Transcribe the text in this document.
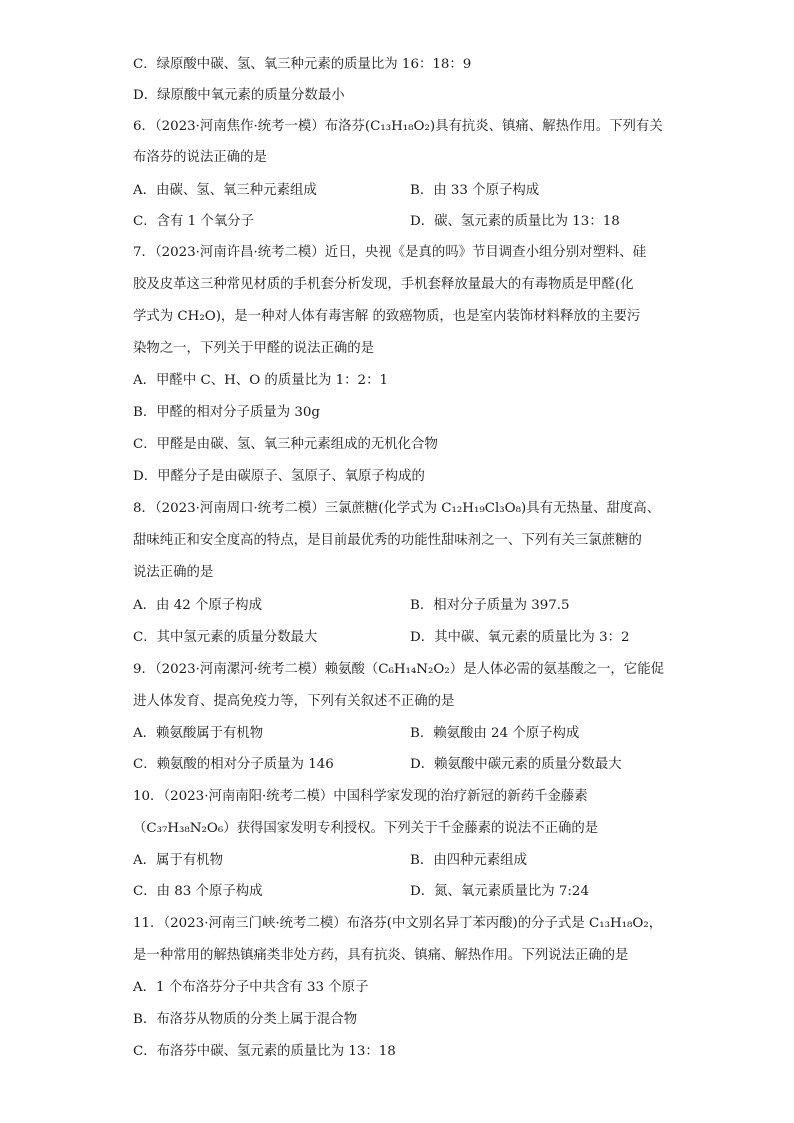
C．绿原酸中碳、氢、氧三种元素的质量比为 16：18：9
D．绿原酸中氧元素的质量分数最小
6．（2023·河南焦作·统考一模）布洛芬(C₁₃H₁₈O₂)具有抗炎、镇痛、解热作用。下列有关
布洛芬的说法正确的是
A．由碳、氢、氧三种元素组成	B．由 33 个原子构成
C．含有 1 个氧分子	D．碳、氢元素的质量比为 13：18
7．（2023·河南许昌·统考二模）近日，央视《是真的吗》节目调查小组分别对塑料、硅
胶及皮革这三种常见材质的手机套分析发现，手机套释放量最大的有毒物质是甲醛(化
学式为 CH₂O)，是一种对人体有毒害解 的致癌物质，也是室内装饰材料释放的主要污
染物之一，下列关于甲醛的说法正确的是
A．甲醛中 C、H、O 的质量比为 1：2：1
B．甲醛的相对分子质量为 30g
C．甲醛是由碳、氢、氧三种元素组成的无机化合物
D．甲醛分子是由碳原子、氢原子、氧原子构成的
8．（2023·河南周口·统考二模）三氯蔗糖(化学式为 C₁₂H₁₉Cl₃O₈)具有无热量、甜度高、
甜味纯正和安全度高的特点，是目前最优秀的功能性甜味剂之一、下列有关三氯蔗糖的
说法正确的是
A．由 42 个原子构成	B．相对分子质量为 397.5
C．其中氢元素的质量分数最大	D．其中碳、氧元素的质量比为 3：2
9．（2023·河南漯河·统考二模）赖氨酸（C₆H₁₄N₂O₂）是人体必需的氨基酸之一，它能促
进人体发育、提高免疫力等，下列有关叙述不正确的是
A．赖氨酸属于有机物	B．赖氨酸由 24 个原子构成
C．赖氨酸的相对分子质量为 146	D．赖氨酸中碳元素的质量分数最大
10．（2023·河南南阳·统考二模）中国科学家发现的治疗新冠的新药千金藤素
（C₃₇H₃₈N₂O₆）获得国家发明专利授权。下列关于千金藤素的说法不正确的是
A．属于有机物	B．由四种元素组成
C．由 83 个原子构成	D．氮、氧元素质量比为 7:24
11．（2023·河南三门峡·统考二模）布洛芬(中文别名异丁苯丙酸)的分子式是 C₁₃H₁₈O₂，
是一种常用的解热镇痛类非处方药，具有抗炎、镇痛、解热作用。下列说法正确的是
A．1 个布洛芬分子中共含有 33 个原子
B．布洛芬从物质的分类上属于混合物
C．布洛芬中碳、氢元素的质量比为 13：18
